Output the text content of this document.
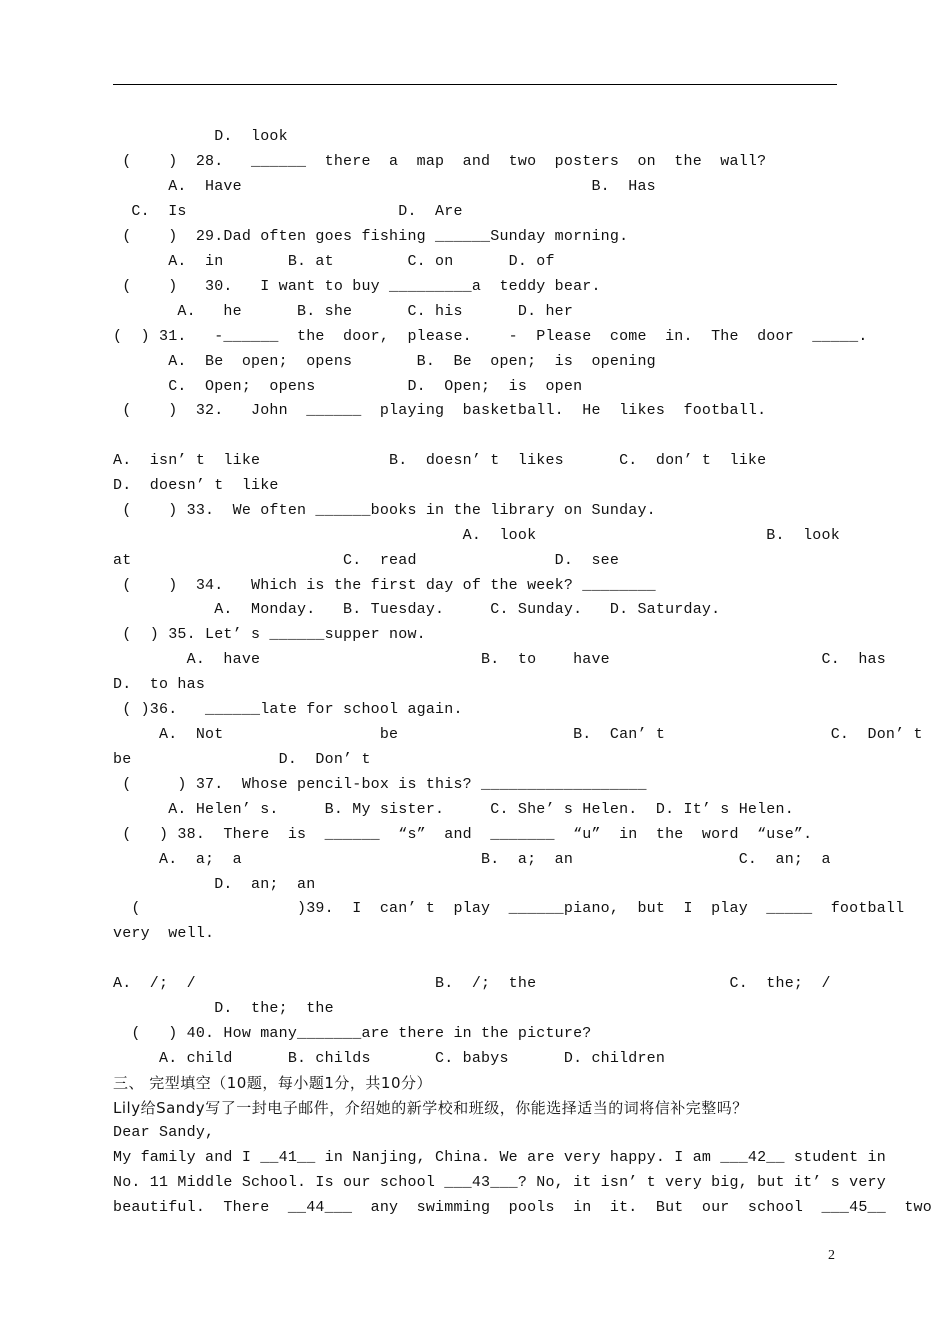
D.  look
(    )  28.   ______  there  a  map  and  two  posters  on  the  wall?
A.  Have                                      B.  Has
C.  Is                       D.  Are
(    )  29.Dad often goes fishing ______Sunday morning.
A.  in       B. at        C. on      D. of
(    )   30.   I want to buy _________a  teddy bear.
A.   he      B. she      C. his      D. her
(  ) 31.   -______  the  door,  please.    -  Please  come  in.  The  door  _____.
A.  Be  open;  opens       B.  Be  open;  is  opening
C.  Open;  opens          D.  Open;  is  open
(    )  32.   John  ______  playing  basketball.  He  likes  football.
A.  isn’ t  like              B.  doesn’ t  likes      C.  don’ t  like
D.  doesn’ t  like
(    ) 33.  We often ______books in the library on Sunday.
A.  look                         B.  look
at                       C.  read               D.  see
(    )  34.   Which is the first day of the week? ________
A.  Monday.   B. Tuesday.     C. Sunday.   D. Saturday.
(  ) 35. Let’ s ______supper now.
A.  have                        B.  to    have                       C.  has
D.  to has
( )36.   ______late for school again.
A.  Not                 be                   B.  Can’ t                  C.  Don’ t
be                D.  Don’ t
(     ) 37.  Whose pencil-box is this? __________________
A. Helen’ s.     B. My sister.     C. She’ s Helen.  D. It’ s Helen.
(   ) 38.  There  is  ______  “s”  and  _______  “u”  in  the  word  “use”.
A.  a;  a                          B.  a;  an                  C.  an;  a
D.  an;  an
(                 )39.  I  can’ t  play  ______piano,  but  I  play  _____  football
very  well.
A.  /;  /                          B.  /;  the                     C.  the;  /
D.  the;  the
(   ) 40. How many_______are there in the picture?
A. child      B. childs       C. babys      D. children
三、 完型填空（10题，每小题1分，共10分）
Lily给Sandy写了一封电子邮件，介绍她的新学校和班级，你能选择适当的词将信补完整吗？
Dear Sandy,
My family and I __41__ in Nanjing, China. We are very happy. I am ___42__ student in
No. 11 Middle School. Is our school ___43___? No, it isn’ t very big, but it’ s very
beautiful.  There  __44___  any  swimming  pools  in  it.  But  our  school  ___45__  two
2
